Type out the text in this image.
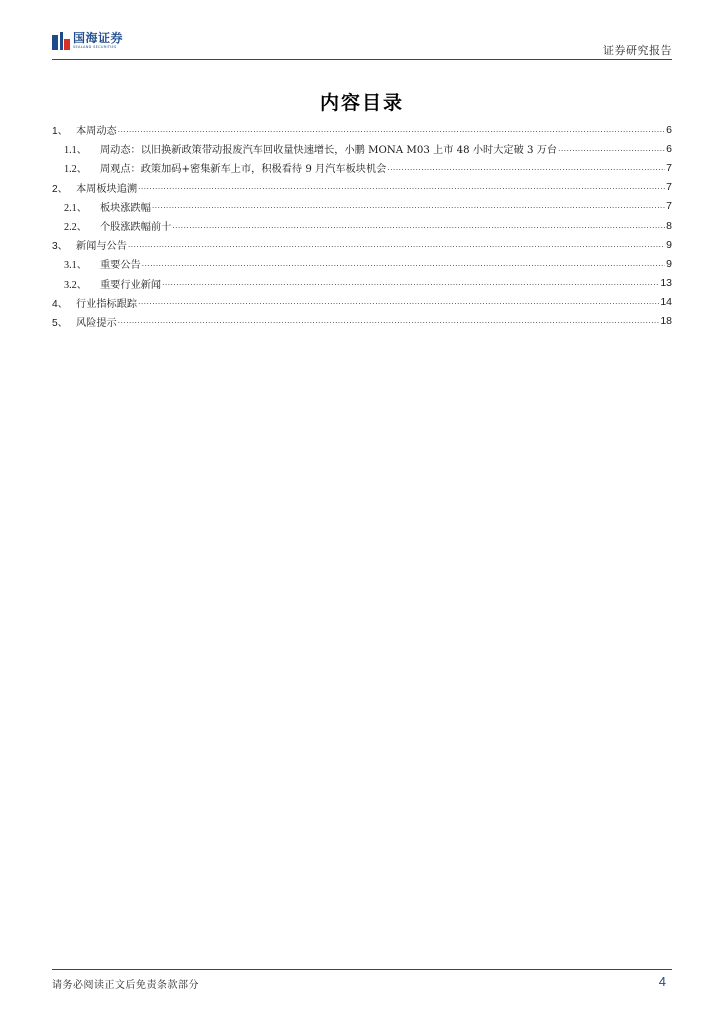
国海证券
SEALAND SECURITIES	证券研究报告
内容目录
1、 本周动态 .....	6
1.1、	周动态：以旧换新政策带动报废汽车回收量快速增长，小鹏 MONA M03 上市 48 小时大定破 3 万台 .....	6
1.2、	周观点：政策加码+密集新车上市，积极看待 9 月汽车板块机会 .....	7
2、 本周板块追溯 .....	7
2.1、	板块涨跌幅 .....	7
2.2、	个股涨跌幅前十 .....	8
3、 新闻与公告 .....	9
3.1、	重要公告 .....	9
3.2、	重要行业新闻 .....	13
4、 行业指标跟踪 .....	14
5、 风险提示 .....	18
请务必阅读正文后免责条款部分	4
